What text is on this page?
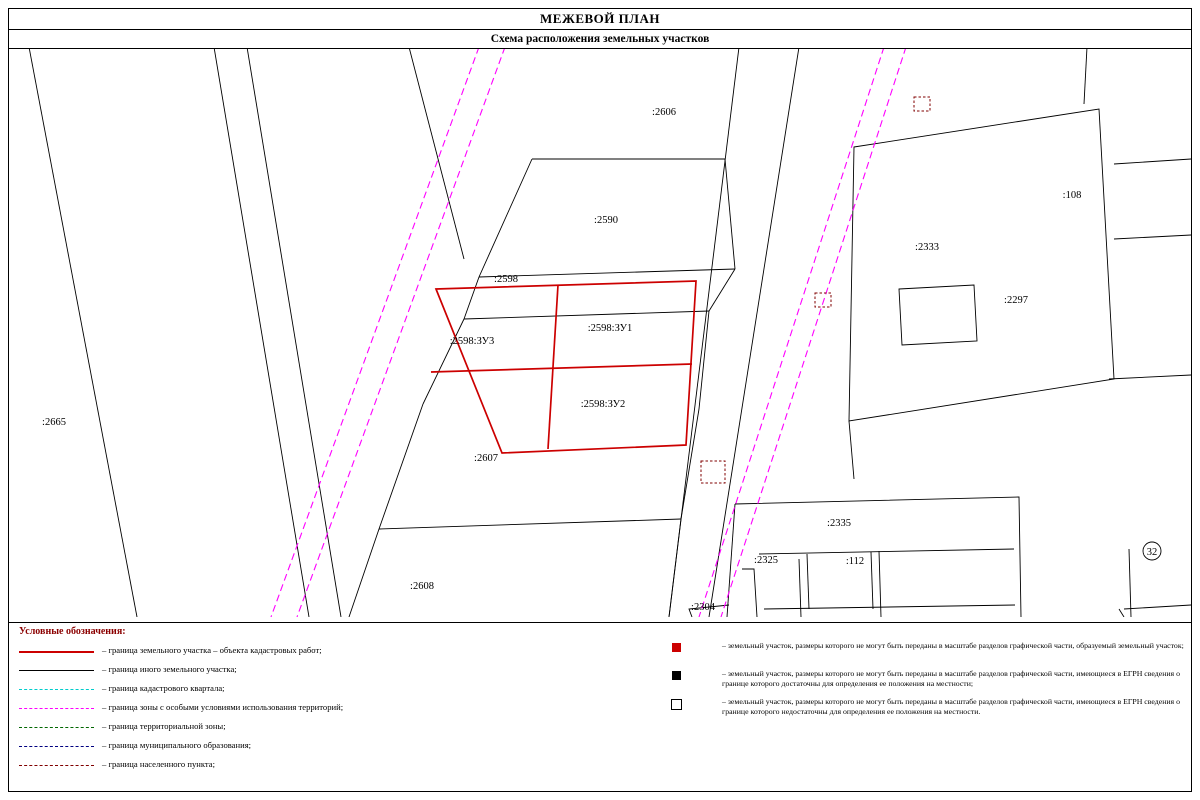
МЕЖЕВОЙ ПЛАН
Схема расположения земельных участков
:2606
:2590
:2598
:2598:ЗУ1
:2598:ЗУ3
:2598:ЗУ2
:2607
:2608
:2665
:108
:2333
:2297
:2335
:2325	:112
:2304
32
Условные обозначения:
– граница земельного участка – объекта кадастровых работ;
– граница иного земельного участка;
– граница кадастрового квартала;
– граница зоны с особыми условиями использования территорий;
– граница территориальной зоны;
– граница муниципального образования;
– граница населенного пункта;
– земельный участок, размеры которого не могут быть переданы в масштабе разделов графической части, образуемый земельный участок;
– земельный участок, размеры которого не могут быть переданы в масштабе разделов графической части, имеющиеся в ЕГРН сведения о границе которого достаточны для определения ее положения на местности;
– земельный участок, размеры которого не могут быть переданы в масштабе разделов графической части, имеющиеся в ЕГРН сведения о границе которого недостаточны для определения ее положения на местности.
